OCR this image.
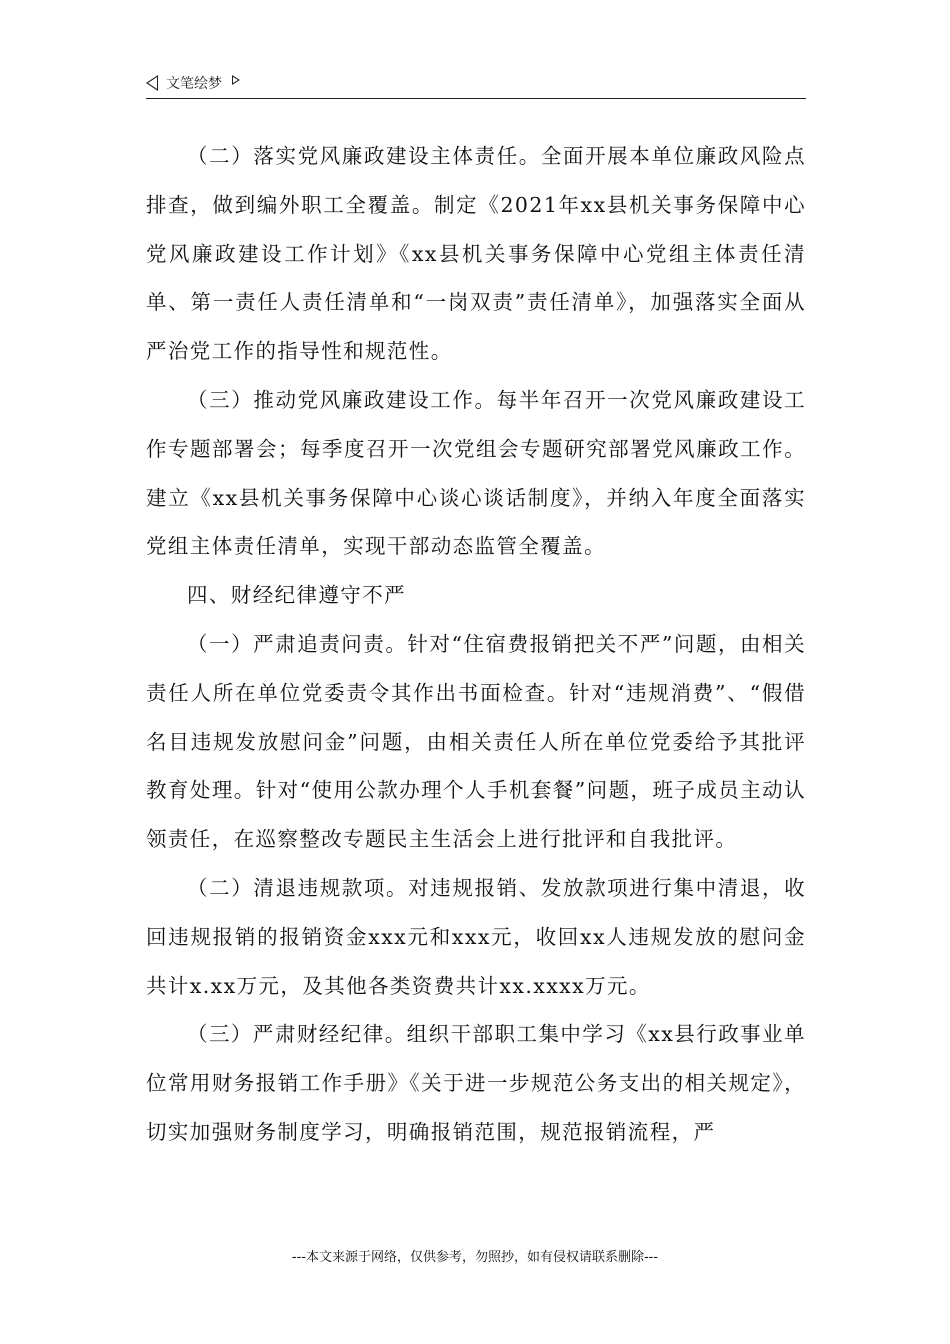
文笔绘梦

（二）落实党风廉政建设主体责任。全面开展本单位廉政风险点排查，做到编外职工全覆盖。制定《2021年xx县机关事务保障中心党风廉政建设工作计划》《xx县机关事务保障中心党组主体责任清单、第一责任人责任清单和“一岗双责”责任清单》，加强落实全面从严治党工作的指导性和规范性。

（三）推动党风廉政建设工作。每半年召开一次党风廉政建设工作专题部署会；每季度召开一次党组会专题研究部署党风廉政工作。建立《xx县机关事务保障中心谈心谈话制度》，并纳入年度全面落实党组主体责任清单，实现干部动态监管全覆盖。

四、财经纪律遵守不严

（一）严肃追责问责。针对“住宿费报销把关不严”问题，由相关责任人所在单位党委责令其作出书面检查。针对“违规消费”、“假借名目违规发放慰问金”问题，由相关责任人所在单位党委给予其批评教育处理。针对“使用公款办理个人手机套餐”问题，班子成员主动认领责任，在巡察整改专题民主生活会上进行批评和自我批评。

（二）清退违规款项。对违规报销、发放款项进行集中清退，收回违规报销的报销资金xxx元和xxx元，收回xx人违规发放的慰问金共计x.xx万元，及其他各类资费共计xx.xxxx万元。

（三）严肃财经纪律。组织干部职工集中学习《xx县行政事业单位常用财务报销工作手册》《关于进一步规范公务支出的相关规定》，切实加强财务制度学习，明确报销范围，规范报销流程，严

---本文来源于网络，仅供参考，勿照抄，如有侵权请联系删除---
